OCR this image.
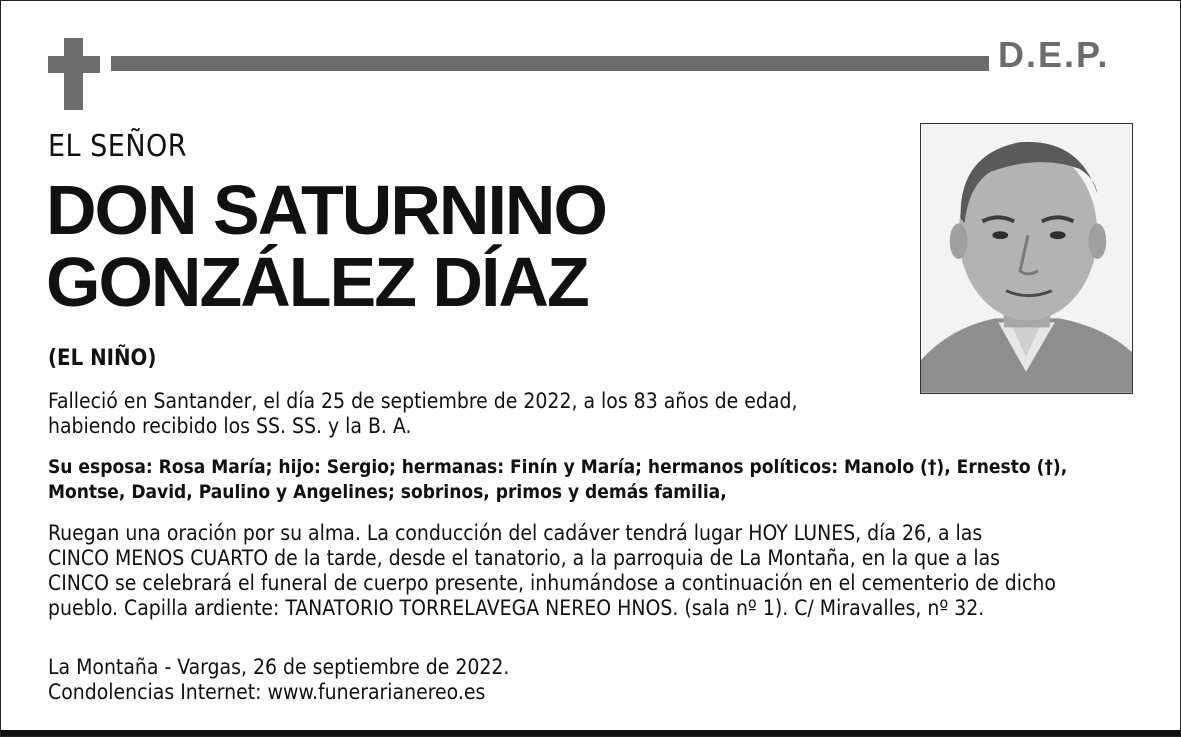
D.E.P.
EL SEÑOR
DON SATURNINO
GONZÁLEZ DÍAZ
(EL NIÑO)
Falleció en Santander, el día 25 de septiembre de 2022, a los 83 años de edad,
habiendo recibido los SS. SS. y la B. A.
Su esposa: Rosa María; hijo: Sergio; hermanas: Finín y María; hermanos políticos: Manolo (†), Ernesto (†),
Montse, David, Paulino y Angelines; sobrinos, primos y demás familia,
Ruegan una oración por su alma. La conducción del cadáver tendrá lugar HOY LUNES, día 26, a las
CINCO MENOS CUARTO de la tarde, desde el tanatorio, a la parroquia de La Montaña, en la que a las
CINCO se celebrará el funeral de cuerpo presente, inhumándose a continuación en el cementerio de dicho
pueblo. Capilla ardiente: TANATORIO TORRELAVEGA NEREO HNOS. (sala nº 1). C/ Miravalles, nº 32.
La Montaña - Vargas, 26 de septiembre de 2022.
Condolencias Internet: www.funerarianereo.es
